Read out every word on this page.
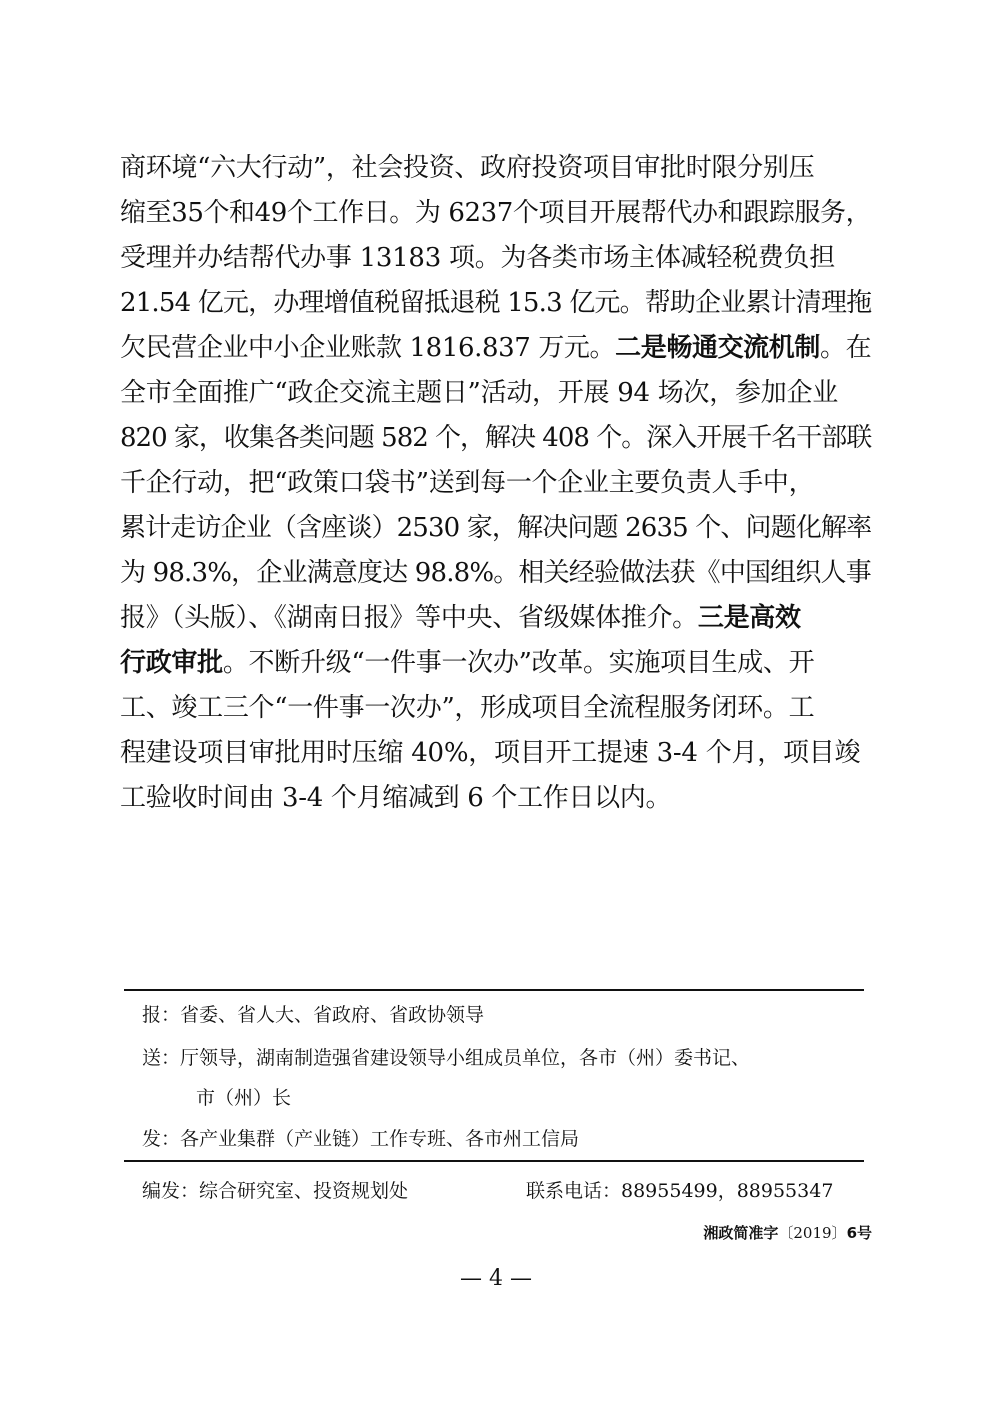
商环境“六大行动”，社会投资、政府投资项目审批时限分别压
缩至35个和49个工作日。为 6237个项目开展帮代办和跟踪服务，
受理并办结帮代办事 13183 项。为各类市场主体减轻税费负担
21.54 亿元，办理增值税留抵退税 15.3 亿元。帮助企业累计清理拖
欠民营企业中小企业账款 1816.837 万元。二是畅通交流机制。在
全市全面推广“政企交流主题日”活动，开展 94 场次，参加企业
820 家，收集各类问题 582 个，解决 408 个。深入开展千名干部联
千企行动，把“政策口袋书”送到每一个企业主要负责人手中，
累计走访企业（含座谈）2530 家，解决问题 2635 个、问题化解率
为 98.3%，企业满意度达 98.8%。相关经验做法获《中国组织人事
报》（头版）、《湖南日报》等中央、省级媒体推介。三是高效
行政审批。不断升级“一件事一次办”改革。实施项目生成、开
工、竣工三个“一件事一次办”，形成项目全流程服务闭环。工
程建设项目审批用时压缩 40%，项目开工提速 3-4 个月，项目竣
工验收时间由 3-4 个月缩减到 6 个工作日以内。
报：省委、省人大、省政府、省政协领导
送：厅领导，湖南制造强省建设领导小组成员单位，各市（州）委书记、
市（州）长
发：各产业集群（产业链）工作专班、各市州工信局
编发：综合研究室、投资规划处	联系电话：88955499，88955347
湘政简准字〔2019〕6号
— 4 —
